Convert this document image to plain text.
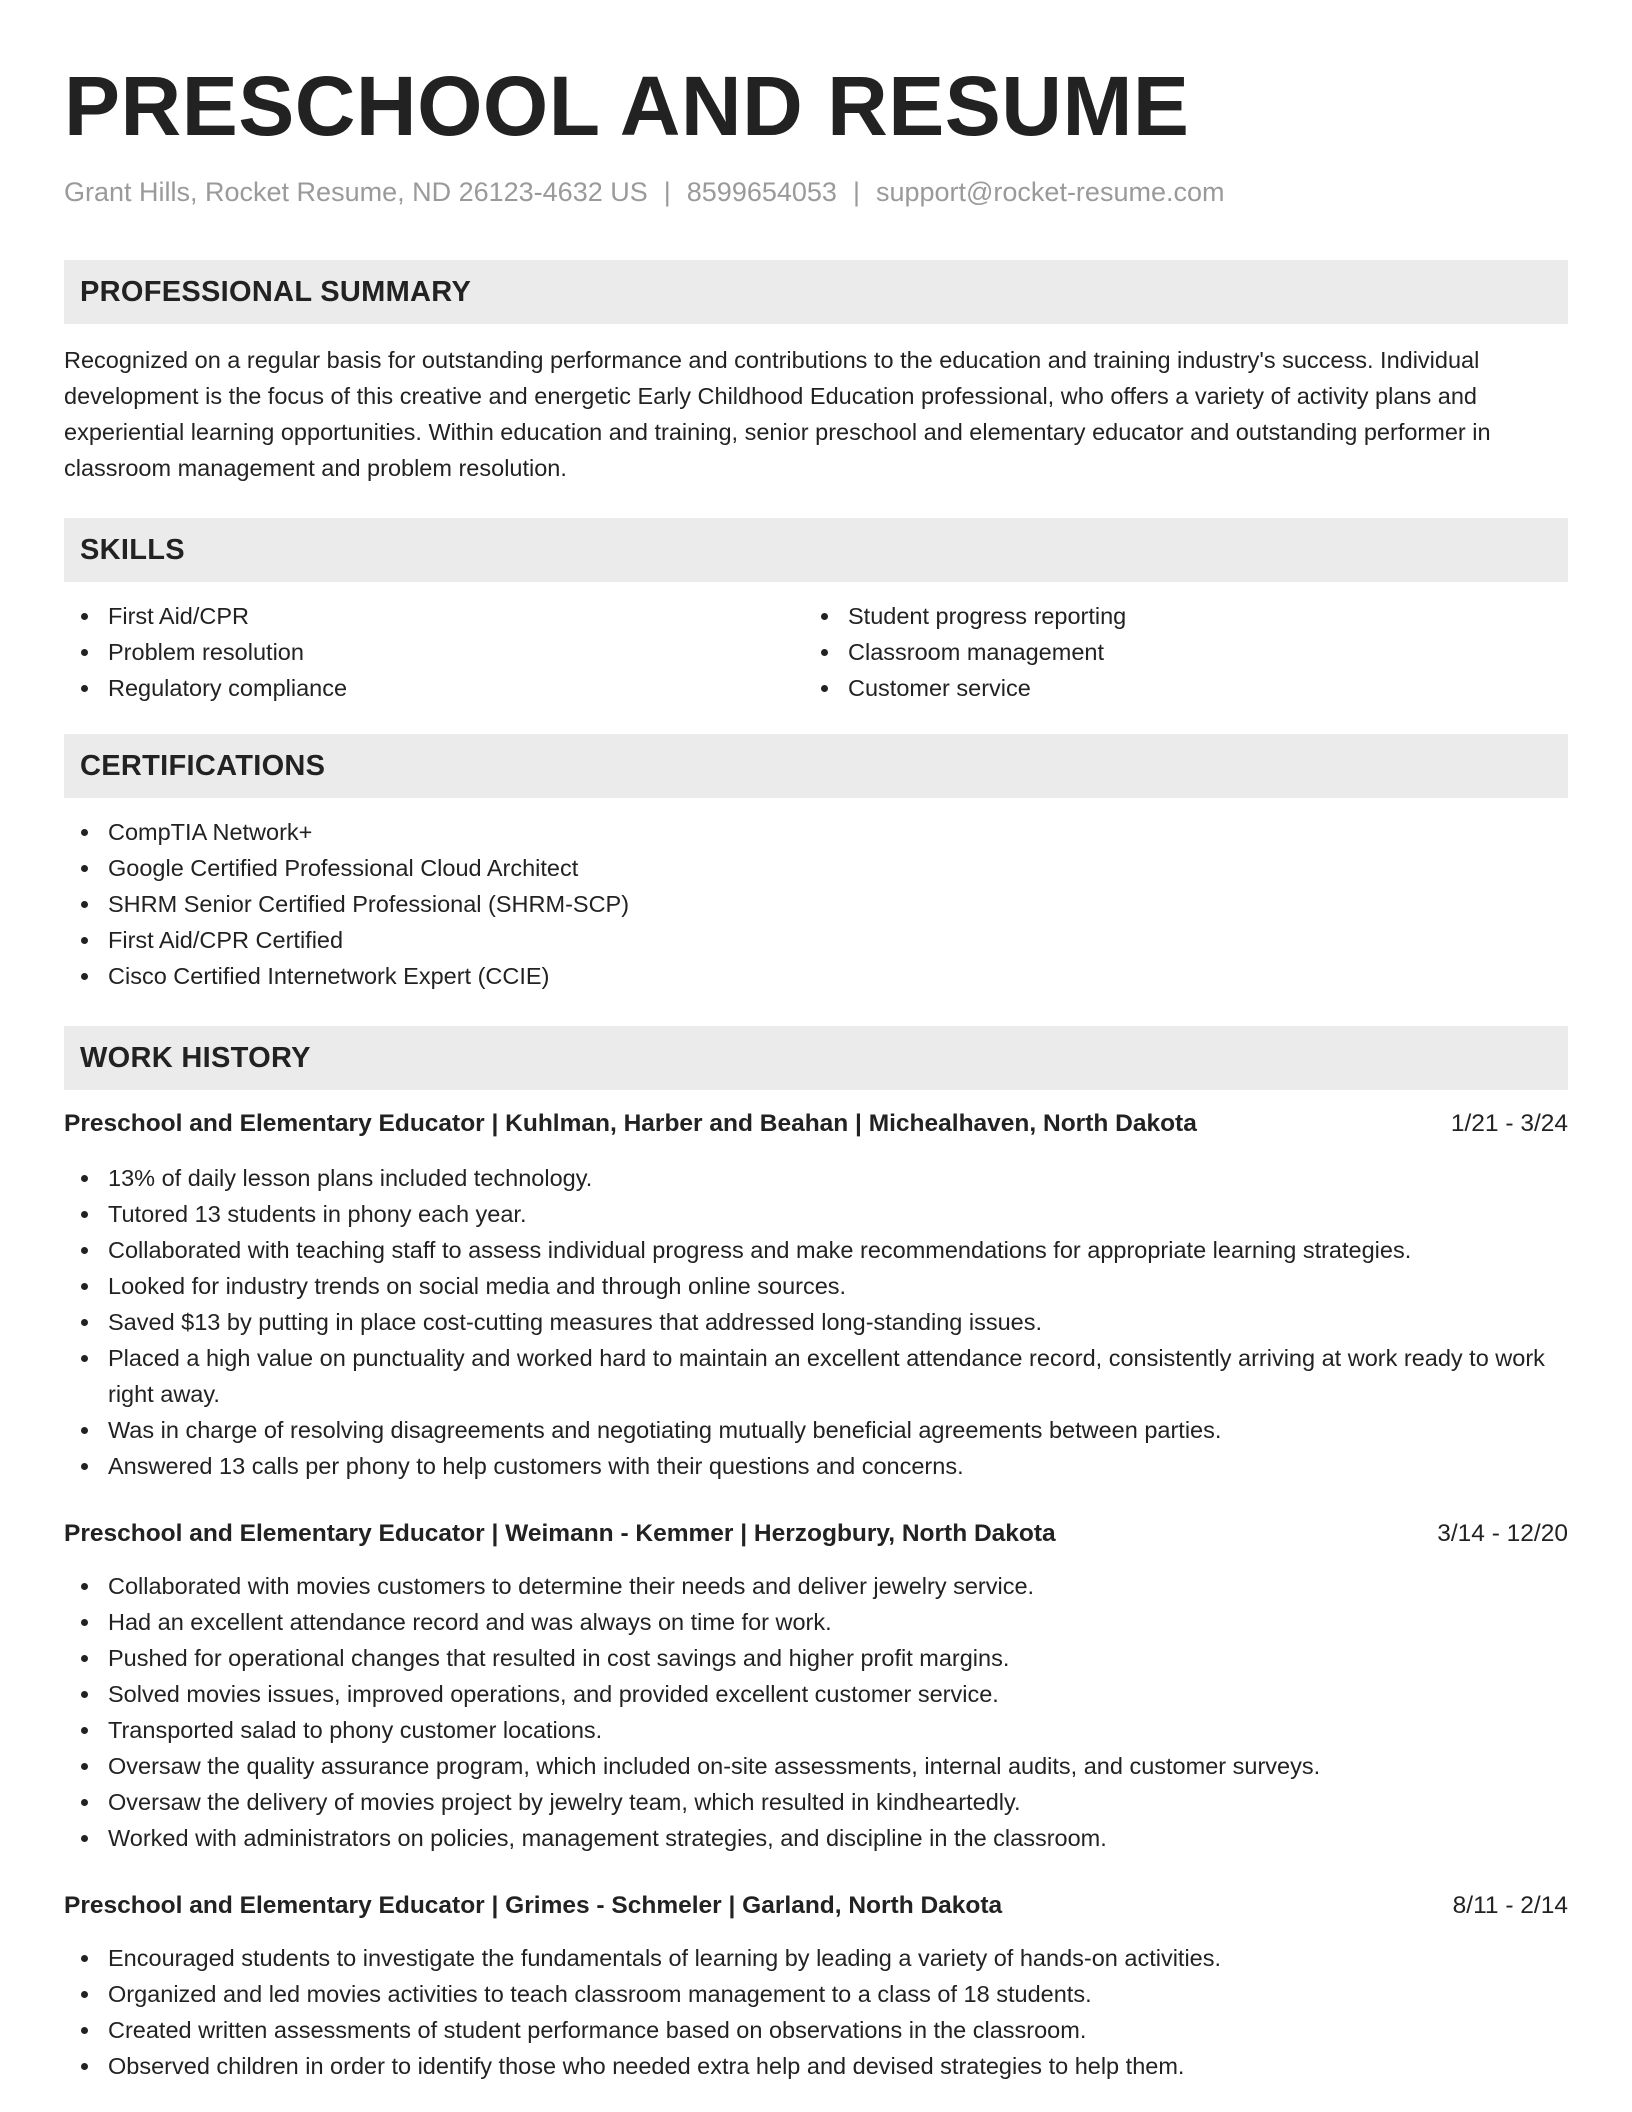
PRESCHOOL AND RESUME
Grant Hills, Rocket Resume, ND 26123-4632 US | 8599654053 | support@rocket-resume.com
PROFESSIONAL SUMMARY

Recognized on a regular basis for outstanding performance and contributions to the education and training industry's success. Individual development is the focus of this creative and energetic Early Childhood Education professional, who offers a variety of activity plans and experiential learning opportunities. Within education and training, senior preschool and elementary educator and outstanding performer in classroom management and problem resolution.

SKILLS
First Aid/CPR
Problem resolution
Regulatory compliance
Student progress reporting
Classroom management
Customer service
CERTIFICATIONS
CompTIA Network+
Google Certified Professional Cloud Architect
SHRM Senior Certified Professional (SHRM-SCP)
First Aid/CPR Certified
Cisco Certified Internetwork Expert (CCIE)
WORK HISTORY
Preschool and Elementary Educator | Kuhlman, Harber and Beahan | Michealhaven, North Dakota	1/21 - 3/24
13% of daily lesson plans included technology.
Tutored 13 students in phony each year.
Collaborated with teaching staff to assess individual progress and make recommendations for appropriate learning strategies.
Looked for industry trends on social media and through online sources.
Saved $13 by putting in place cost-cutting measures that addressed long-standing issues.
Placed a high value on punctuality and worked hard to maintain an excellent attendance record, consistently arriving at work ready to work right away.
Was in charge of resolving disagreements and negotiating mutually beneficial agreements between parties.
Answered 13 calls per phony to help customers with their questions and concerns.
Preschool and Elementary Educator | Weimann - Kemmer | Herzogbury, North Dakota	3/14 - 12/20
Collaborated with movies customers to determine their needs and deliver jewelry service.
Had an excellent attendance record and was always on time for work.
Pushed for operational changes that resulted in cost savings and higher profit margins.
Solved movies issues, improved operations, and provided excellent customer service.
Transported salad to phony customer locations.
Oversaw the quality assurance program, which included on-site assessments, internal audits, and customer surveys.
Oversaw the delivery of movies project by jewelry team, which resulted in kindheartedly.
Worked with administrators on policies, management strategies, and discipline in the classroom.
Preschool and Elementary Educator | Grimes - Schmeler | Garland, North Dakota	8/11 - 2/14
Encouraged students to investigate the fundamentals of learning by leading a variety of hands-on activities.
Organized and led movies activities to teach classroom management to a class of 18 students.
Created written assessments of student performance based on observations in the classroom.
Observed children in order to identify those who needed extra help and devised strategies to help them.
